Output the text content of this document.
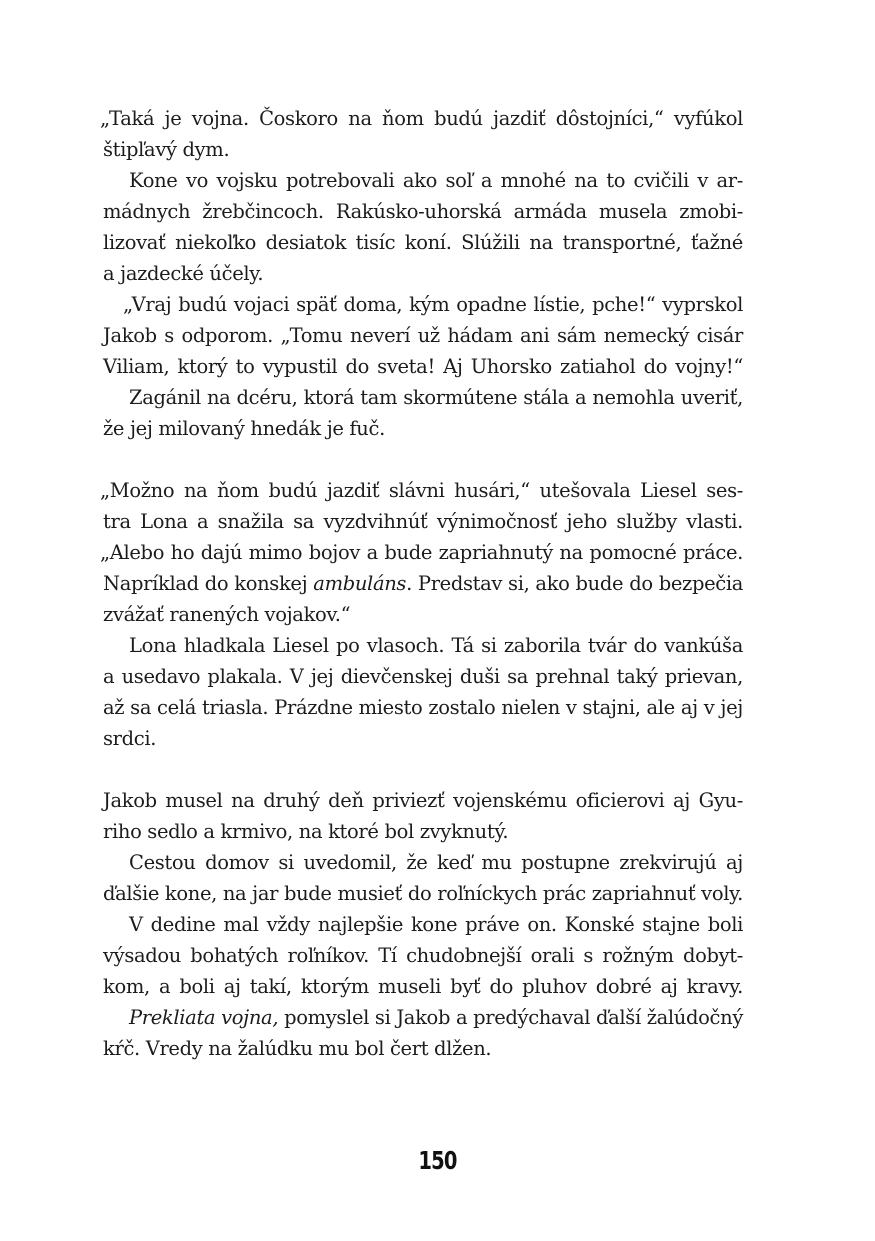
„Taká je vojna. Čoskoro na ňom budú jazdiť dôstojníci,“ vyfúkol
štipľavý dym.
Kone vo vojsku potrebovali ako soľ a mnohé na to cvičili v ar-
mádnych žrebčincoch. Rakúsko-uhorská armáda musela zmobi-
lizovať niekoľko desiatok tisíc koní. Slúžili na transportné, ťažné
a jazdecké účely.
„Vraj budú vojaci späť doma, kým opadne lístie, pche!“ vyprskol
Jakob s odporom. „Tomu neverí už hádam ani sám nemecký cisár
Viliam, ktorý to vypustil do sveta! Aj Uhorsko zatiahol do vojny!“
Zagánil na dcéru, ktorá tam skormútene stála a nemohla uveriť,
že jej milovaný hnedák je fuč.
„Možno na ňom budú jazdiť slávni husári,“ utešovala Liesel ses-
tra Lona a snažila sa vyzdvihnúť výnimočnosť jeho služby vlasti.
„Alebo ho dajú mimo bojov a bude zapriahnutý na pomocné práce.
Napríklad do konskej ambuláns. Predstav si, ako bude do bezpečia
zvážať ranených vojakov.“
Lona hladkala Liesel po vlasoch. Tá si zaborila tvár do vankúša
a usedavo plakala. V jej dievčenskej duši sa prehnal taký prievan,
až sa celá triasla. Prázdne miesto zostalo nielen v stajni, ale aj v jej
srdci.
Jakob musel na druhý deň priviezť vojenskému oficierovi aj Gyu-
riho sedlo a krmivo, na ktoré bol zvyknutý.
Cestou domov si uvedomil, že keď mu postupne zrekvirujú aj
ďalšie kone, na jar bude musieť do roľníckych prác zapriahnuť voly.
V dedine mal vždy najlepšie kone práve on. Konské stajne boli
výsadou bohatých roľníkov. Tí chudobnejší orali s rožným dobyt-
kom, a boli aj takí, ktorým museli byť do pluhov dobré aj kravy.
Prekliata vojna, pomyslel si Jakob a predýchaval ďalší žalúdočný
kŕč. Vredy na žalúdku mu bol čert dlžen.
150
